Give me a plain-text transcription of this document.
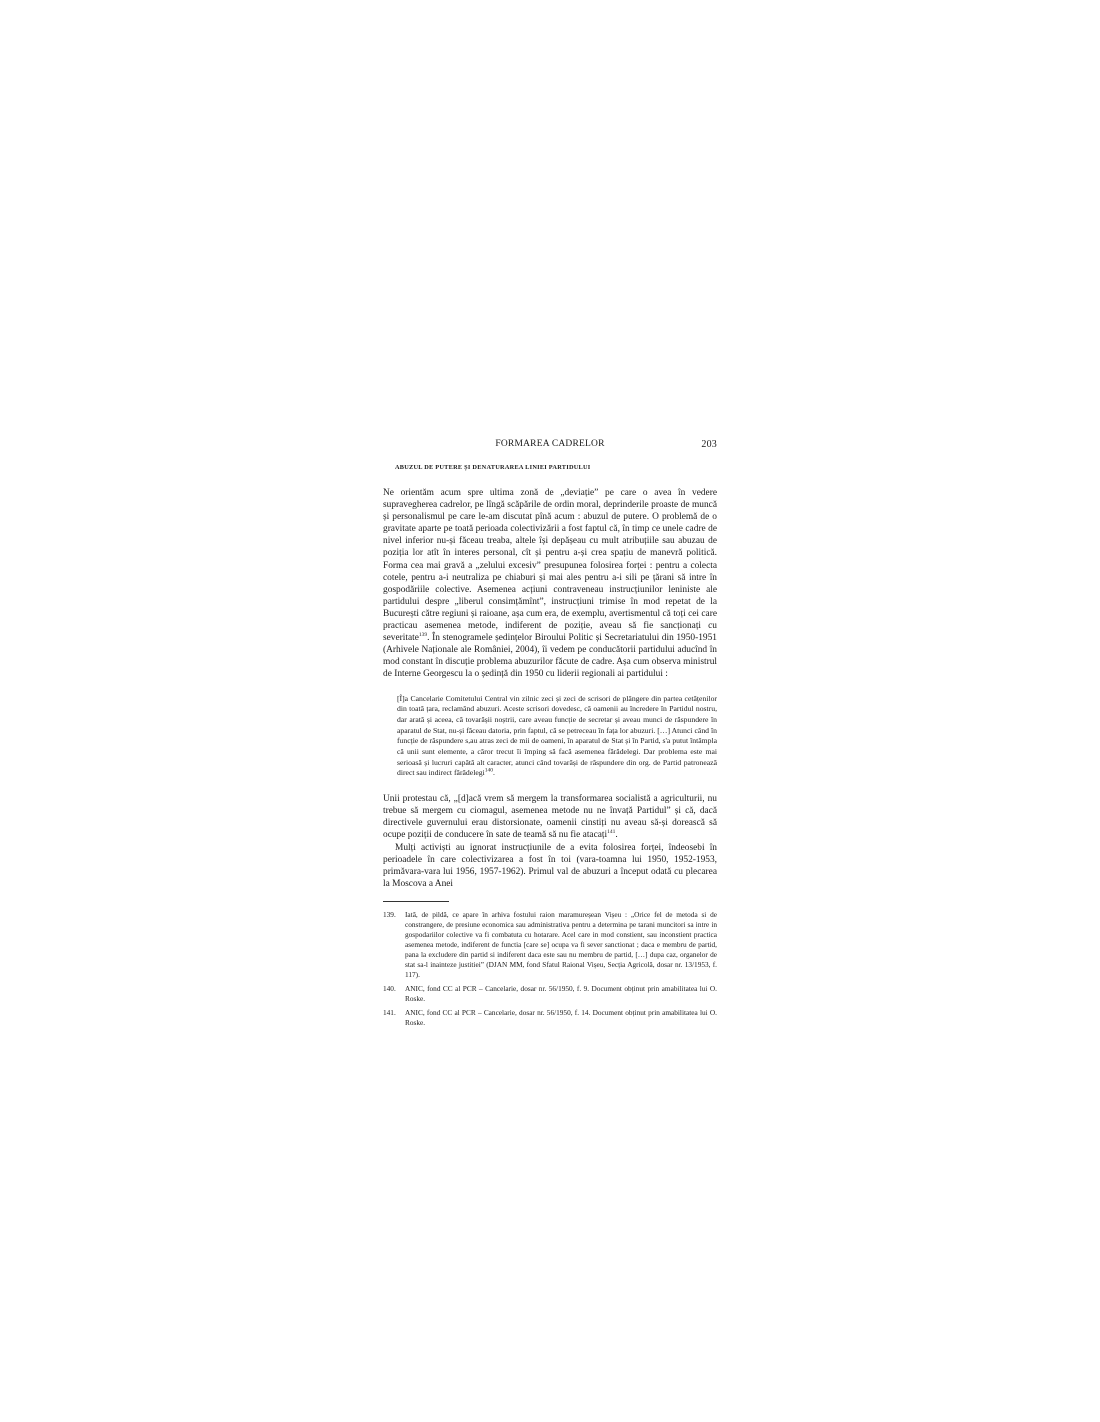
FORMAREA CADRELOR	203
ABUZUL DE PUTERE ȘI DENATURAREA LINIEI PARTIDULUI

Ne orientăm acum spre ultima zonă de „deviație” pe care o avea în vedere supravegherea cadrelor, pe lîngă scăpările de ordin moral, deprinderile proaste de muncă și personalismul pe care le-am discutat pînă acum : abuzul de putere. O problemă de o gravitate aparte pe toată perioada colectivizării a fost faptul că, în timp ce unele cadre de nivel inferior nu-și făceau treaba, altele își depășeau cu mult atribuțiile sau abuzau de poziția lor atît în interes personal, cît și pentru a-și crea spațiu de manevră politică. Forma cea mai gravă a „zelului excesiv” presupunea folosirea forței : pentru a colecta cotele, pentru a-i neutraliza pe chiaburi și mai ales pentru a-i sili pe țărani să intre în gospodăriile colective. Asemenea acțiuni contraveneau instrucțiunilor leniniste ale partidului despre „liberul consimțămînt”, instrucțiuni trimise în mod repetat de la București către regiuni și raioane, așa cum era, de exemplu, avertismentul că toți cei care practicau asemenea metode, indiferent de poziție, aveau să fie sancționați cu severitate$^{139}$. În stenogramele ședințelor Biroului Politic și Secretariatului din 1950-1951 (Arhivele Naționale ale României, 2004), îi vedem pe conducătorii partidului aducînd în mod constant în discuție problema abuzurilor făcute de cadre. Așa cum observa ministrul de Interne Georgescu la o ședință din 1950 cu liderii regionali ai partidului :

[Î]a Cancelarie Comitetului Central vin zilnic zeci și zeci de scrisori de plângere din partea cetățenilor din toată țara, reclamând abuzuri. Aceste scrisori dovedesc, că oamenii au încredere în Partidul nostru, dar arată și aceea, că tovarășii noștrii, care aveau funcție de secretar și aveau munci de răspundere în aparatul de Stat, nu-și făceau datoria, prin faptul, că se petreceau în fața lor abuzuri. […] Atunci când în funcție de răspundere s,au atras zeci de mii de oameni, în aparatul de Stat și în Partid, s'a putut întâmpla că unii sunt elemente, a căror trecut îi împing să facă asemenea fărădelegi. Dar problema este mai serioasă și lucruri capătă alt caracter, atunci când tovarăși de răspundere din org. de Partid patronează direct sau indirect fărădelegi$^{140}$.

Unii protestau că, „[d]acă vrem să mergem la transformarea socialistă a agriculturii, nu trebue să mergem cu ciomagul, asemenea metode nu ne învață Partidul” și că, dacă directivele guvernului erau distorsionate, oamenii cinstiți nu aveau să-și dorească să ocupe poziții de conducere în sate de teamă să nu fie atacați$^{141}$.

Mulți activiști au ignorat instrucțiunile de a evita folosirea forței, îndeosebi în perioadele în care colectivizarea a fost în toi (vara-toamna lui 1950, 1952-1953, primăvara-vara lui 1956, 1957-1962). Primul val de abuzuri a început odată cu plecarea la Moscova a Anei

139.	Iată, de pildă, ce apare în arhiva fostului raion maramureșean Vișeu : „Orice fel de metoda si de constrangere, de presiune economica sau administrativa pentru a determina pe tarani muncitori sa intre in gospodariilor colective va fi combatuta cu hotarare. Acel care in mod constient, sau inconstient practica asemenea metode, indiferent de functia [care se] ocupa va fi sever sanctionat ; daca e membru de partid, pana la excludere din partid si indiferent daca este sau nu membru de partid, […] dupa caz, organelor de stat sa-l inainteze justitiei” (DJAN MM, fond Sfatul Raional Vișeu, Secția Agricolă, dosar nr. 13/1953, f. 117).
140.	ANIC, fond CC al PCR – Cancelarie, dosar nr. 56/1950, f. 9. Document obținut prin amabilitatea lui O. Roske.
141.	ANIC, fond CC al PCR – Cancelarie, dosar nr. 56/1950, f. 14. Document obținut prin amabilitatea lui O. Roske.
